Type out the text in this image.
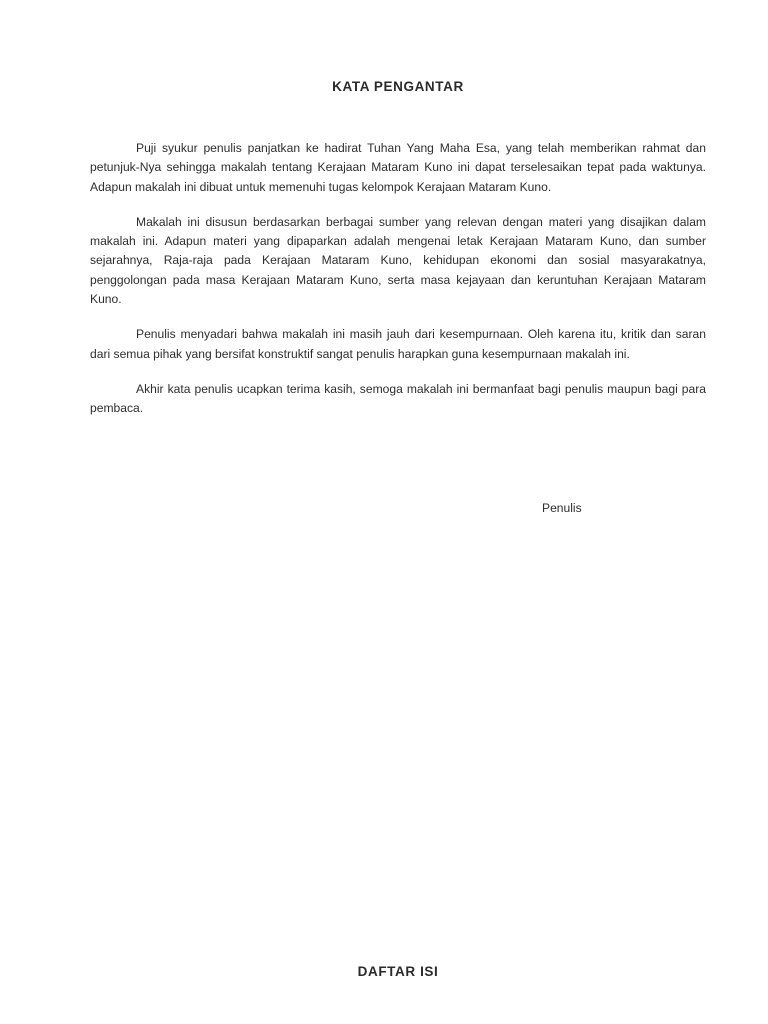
KATA PENGANTAR

Puji syukur penulis panjatkan ke hadirat Tuhan Yang Maha Esa, yang telah memberikan rahmat dan petunjuk-Nya sehingga makalah tentang Kerajaan Mataram Kuno ini dapat terselesaikan tepat pada waktunya. Adapun makalah ini dibuat untuk memenuhi tugas kelompok Kerajaan Mataram Kuno.

Makalah ini disusun berdasarkan berbagai sumber yang relevan dengan materi yang disajikan dalam makalah ini. Adapun materi yang dipaparkan adalah mengenai letak Kerajaan Mataram Kuno, dan sumber sejarahnya, Raja-raja pada Kerajaan Mataram Kuno, kehidupan ekonomi dan sosial masyarakatnya, penggolongan pada masa Kerajaan Mataram Kuno, serta masa kejayaan dan keruntuhan Kerajaan Mataram Kuno.

Penulis menyadari bahwa makalah ini masih jauh dari kesempurnaan. Oleh karena itu, kritik dan saran dari semua pihak yang bersifat konstruktif sangat penulis harapkan guna kesempurnaan makalah ini.

Akhir kata penulis ucapkan terima kasih, semoga makalah ini bermanfaat bagi penulis maupun bagi para pembaca.

Penulis
DAFTAR ISI
